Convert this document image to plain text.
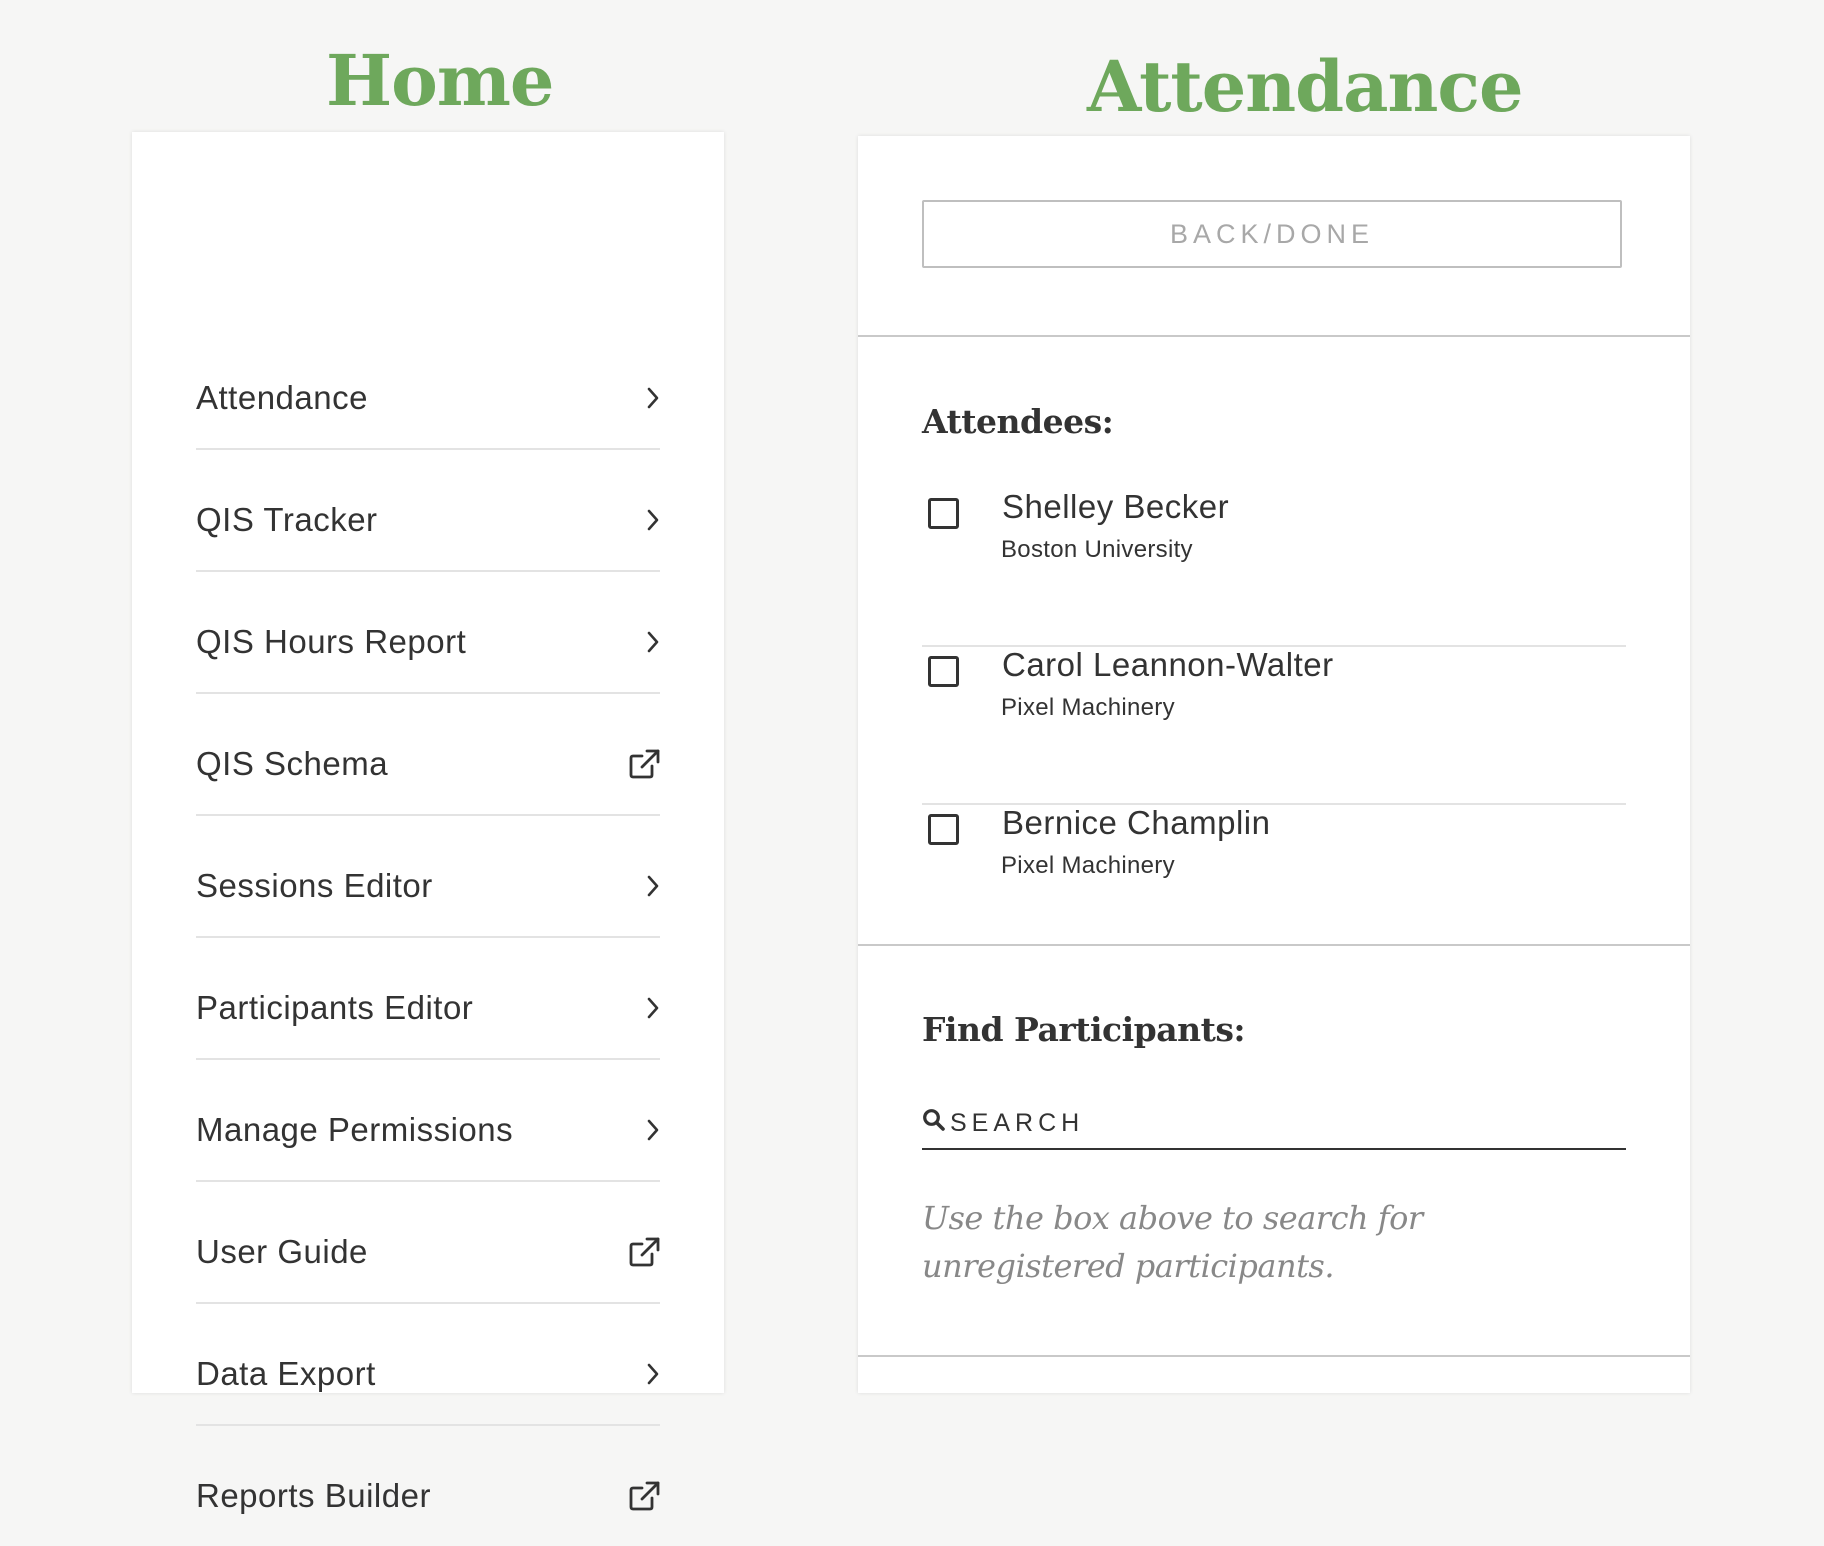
Home	Attendance
Attendance
QIS Tracker
QIS Hours Report
QIS Schema
Sessions Editor
Participants Editor
Manage Permissions
User Guide
Data Export
Reports Builder
BACK/DONE
Attendees:
Shelley Becker
Boston University
Carol Leannon-Walter
Pixel Machinery
Bernice Champlin
Pixel Machinery
Find Participants:
SEARCH

Use the box above to search for unregistered participants.
